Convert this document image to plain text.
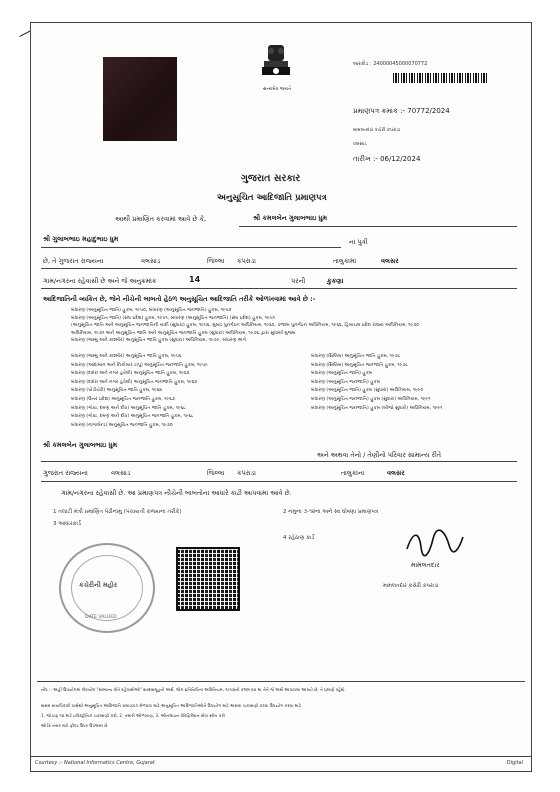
સત્યમેવ જયતે
બારકોડ : 24000045000070772
પ્રમાણપત્ર ક્રમાંક :- 70772/2024
મામલતદાર કચેરી કપરાડા
વલસાડ
તારીખ :- 06/12/2024
ગુજરાત સરકાર
અનુસૂચિત આદિજાતિ પ્રમાણપત્ર
આથી પ્રમાણિત કરવામાં આવે છે કે,	શ્રી કમલબેન ગુલાબભાઇ ધુમ
શ્રી ગુલાબભાઇ મહાદુભાઇ ધુમ	ના પુત્રી
છે, તે ગુજરાત રાજ્યના	વલસાડ	જિલ્લા કપરાડા	તાલુકામાં	વલસર
ગામ/નગરના રહેવાસી છે અને જે અનુક્રમાંક	14	પરની	કુકણા
આદિજાતિની વ્યકિત છે, જેને નીચેની બાબતો હેઠળ અનુસૂચિત આદિજાતિ તરીકે ઓળખવામાં આવે છે :-
બંધારણ (અનુસૂચિત જાતિ) હુકમ, ૧૯૫૦, બંધારણ (અનુસૂચિત જનજાતિ) હુકમ, ૧૯૫૦
બંધારણ (અનુસૂચિત જાતિ) (સંઘ પ્રદેશ) હુકમ, ૧૯૫૧, બંધારણ (અનુસૂચિત જનજાતિ) (સંઘ પ્રદેશ) હુકમ, ૧૯૫૧
(અનુસૂચિત જાતિ અને અનુસૂચિત જનજાતિની યાદી (સુધારા) હુકમ, ૧૯૫૬, મુંબઇ પુનર્ગઠન અધિનિયમ, ૧૯૬૦, પંજાબ પુનર્ગઠન અધિનિયમ, ૧૯૬૬, હિમાચલ પ્રદેશ રાજ્ય અધિનિયમ, ૧૯૭૦
અધિનિયમ, ૧૯૭૧ અને અનુસૂચિત જાતિ અને અનુસૂચિત જનજાતિ હુકમ (સુધારા) અધિનિયમ, ૧૯૭૬ દ્વારા સુધાર્યા મુજબ
બંધારણ (જમ્મુ અને કાશ્મીર) અનુસૂચિત જાતિ હુકમ (સુધારા) અધિનિયમ, ૧૯૭૯, બંધારણ અંગે
બંધારણ (જમ્મુ અને કાશ્મીર) અનુસૂચિત જાતિ હુકમ, ૧૯૫૬
બંધારણ (આંદામાન અને નિકોબાર ટાપુ) અનુસૂચિત જનજાતિ હુકમ, ૧૯૫૯
બંધારણ (દાદરા અને નગર હવેલી) અનુસૂચિત જાતિ હુકમ, ૧૯૬૨
બંધારણ (દાદરા અને નગર હવેલી) અનુસૂચિત જનજાતિ હુકમ, ૧૯૬૨
બંધારણ (પોંડીચેરી) અનુસૂચિત જાતિ હુકમ, ૧૯૬૪
બંધારણ (ઉત્તર પ્રદેશ) અનુસૂચિત જનજાતિ હુકમ, ૧૯૬૭
બંધારણ (ગોવા, દમણ અને દીવ) અનુસૂચિત જાતિ હુકમ, ૧૯૬૮
બંધારણ (ગોવા, દમણ અને દીવ) અનુસૂચિત જનજાતિ હુકમ, ૧૯૬૮
બંધારણ (નાગાલેન્ડ) અનુસૂચિત જનજાતિ હુકમ, ૧૯૭૦
બંધારણ (સિક્કિમ) અનુસૂચિત જાતિ હુકમ, ૧૯૭૮
બંધારણ (સિક્કિમ) અનુસૂચિત જનજાતિ હુકમ, ૧૯૭૮
બંધારણ (અનુસૂચિત જાતિ) હુકમ
બંધારણ (અનુસૂચિત જનજાતિ) હુકમ
બંધારણ (અનુસૂચિત જાતિ) હુકમ (સુધારા) અધિનિયમ, ૧૯૯૦
બંધારણ (અનુસૂચિત જનજાતિ) હુકમ (સુધારા) અધિનિયમ, ૧૯૯૧
બંધારણ (અનુસૂચિત જનજાતિ) હુકમ (બીજો સુધારો) અધિનિયમ, ૧૯૯૧
શ્રી કમલબેન ગુલાબભાઇ ધુમ
અને અથવા તેનો / તેણીનો પરિવાર સામાન્ય રીતે
ગુજરાત રાજ્યના	વલસાડ	જિલ્લા કપરાડા	તાલુકાના	વલસર
ગામ/નગરના રહેવાસી છે. આ પ્રમાણપત્ર નીચેની બાબતોના આધારે કાઢી આપવામાં આવે છે.
1 તલાટી મંત્રી પ્રમાણિત પેઢીનામુ (પંચાયતી રાજ્યના તરીકે)	2 નમુના ૭-૧૨ના અને સ્વ ઘોષણા પ્રમાણપત્ર
3 આધારકાર્ડ
4 રહેઠાણ કાર્ડ
કચેરીની મહોર
DATE VALUED
મામલતદાર
મામલતદાર કચેરી કપરાડા
નોંધ :- અહીં ઉપયોગમાં લેવાયેલ "સામાન્ય રીતે રહેવાસીઓ" શબ્દસમૂહનો અર્થ, લોક-પ્રતિનિધિત્વ અધિનિયમ, ૧૯૫૦ની કલમ ૨૦ માં તેને જે અર્થ આપવામાં આવ્યો છે, તે પ્રમાણે રહેશે.
સક્ષમ સત્તાધિકારી પાસેથી અનુસૂચિત આદિજાતિ પ્રમાણપત્ર મેળવવા માટે અનુસૂચિત આદિજાતિઓને ઉપયોગ માટે અથવા ચકાસણી કરવા ઉપયોગ કરવા માટે
1. જોડાણ ૧૦ માટે ઇલેક્ટ્રોનિક ચકાસણી કરો, 2. તમારી ઓળખાણ, 3. ઓનલાઇન વેરિફિકેશન સેવા સ્કેન કરો
ઓર્ડર નંબર માટે ફીલ્ડ ઉપર ઉપલબ્ધ છે
Courtesy :- National Informatics Centre, Gujarat	Digital
